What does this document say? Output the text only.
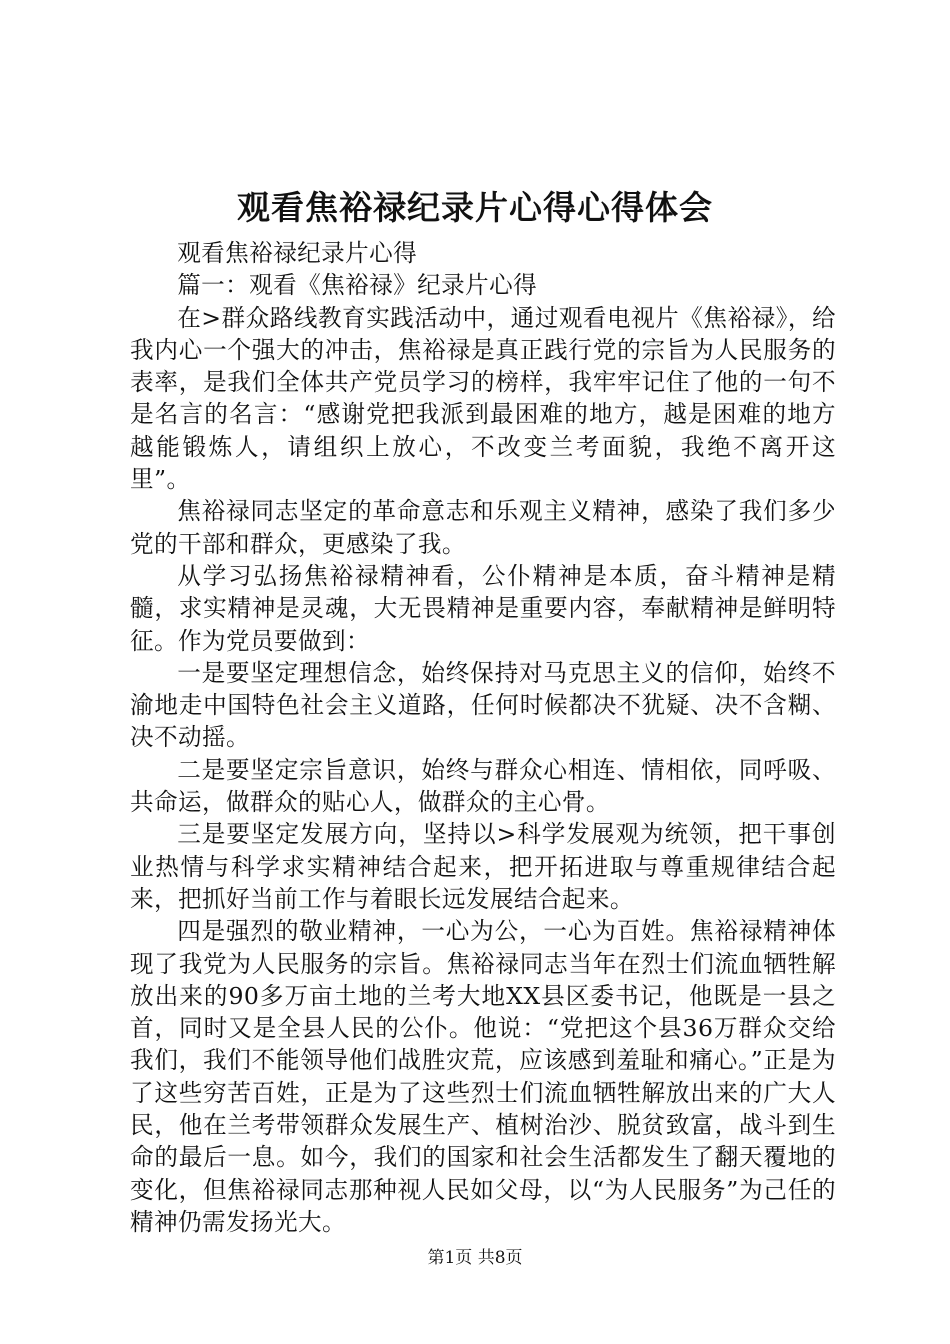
观看焦裕禄纪录片心得心得体会

观看焦裕禄纪录片心得

篇一：观看《焦裕禄》纪录片心得

在>群众路线教育实践活动中，通过观看电视片《焦裕禄》，给我内心一个强大的冲击，焦裕禄是真正践行党的宗旨为人民服务的表率，是我们全体共产党员学习的榜样，我牢牢记住了他的一句不是名言的名言：“感谢党把我派到最困难的地方，越是困难的地方越能锻炼人，请组织上放心，不改变兰考面貌，我绝不离开这里”。

焦裕禄同志坚定的革命意志和乐观主义精神，感染了我们多少党的干部和群众，更感染了我。

从学习弘扬焦裕禄精神看，公仆精神是本质，奋斗精神是精髓，求实精神是灵魂，大无畏精神是重要内容，奉献精神是鲜明特征。作为党员要做到：

一是要坚定理想信念，始终保持对马克思主义的信仰，始终不渝地走中国特色社会主义道路，任何时候都决不犹疑、决不含糊、决不动摇。

二是要坚定宗旨意识，始终与群众心相连、情相依，同呼吸、共命运，做群众的贴心人，做群众的主心骨。

三是要坚定发展方向，坚持以>科学发展观为统领，把干事创业热情与科学求实精神结合起来，把开拓进取与尊重规律结合起来，把抓好当前工作与着眼长远发展结合起来。

四是强烈的敬业精神，一心为公，一心为百姓。焦裕禄精神体现了我党为人民服务的宗旨。焦裕禄同志当年在烈士们流血牺牲解放出来的90多万亩土地的兰考大地XX县区委书记，他既是一县之首，同时又是全县人民的公仆。他说：“党把这个县36万群众交给我们，我们不能领导他们战胜灾荒，应该感到羞耻和痛心。”正是为了这些穷苦百姓，正是为了这些烈士们流血牺牲解放出来的广大人民，他在兰考带领群众发展生产、植树治沙、脱贫致富，战斗到生命的最后一息。如今，我们的国家和社会生活都发生了翻天覆地的变化，但焦裕禄同志那种视人民如父母，以“为人民服务”为己任的精神仍需发扬光大。

第1页 共8页
